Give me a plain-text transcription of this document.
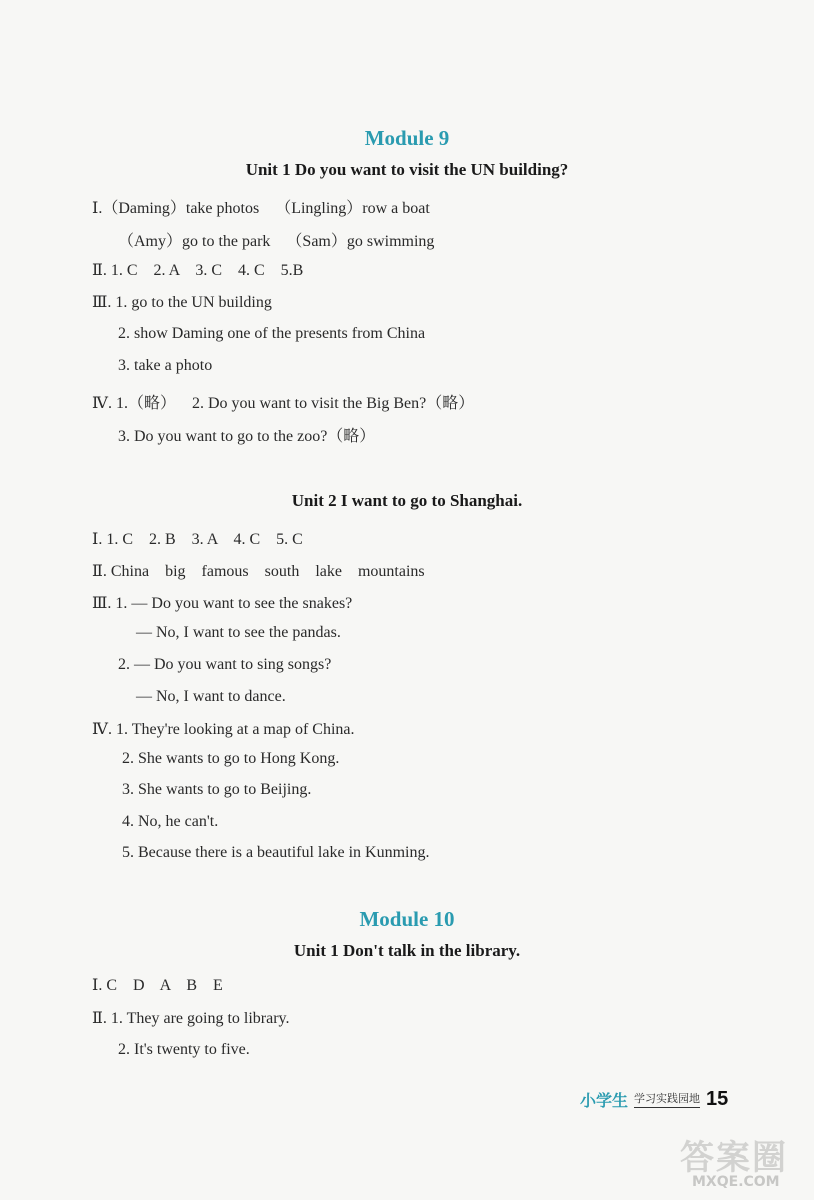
Module 9
Unit 1 Do you want to visit the UN building?
Ⅰ.（Daming）take photos    （Lingling）row a boat
（Amy）go to the park    （Sam）go swimming
Ⅱ. 1. C    2. A    3. C    4. C    5.B
Ⅲ. 1. go to the UN building
2. show Daming one of the presents from China
3. take a photo
Ⅳ. 1.（略）    2. Do you want to visit the Big Ben?（略）
3. Do you want to go to the zoo?（略）
Unit 2 I want to go to Shanghai.
Ⅰ. 1. C    2. B    3. A    4. C    5. C
Ⅱ. China    big    famous    south    lake    mountains
Ⅲ. 1. — Do you want to see the snakes?
— No, I want to see the pandas.
2. — Do you want to sing songs?
— No, I want to dance.
Ⅳ. 1. They're looking at a map of China.
2. She wants to go to Hong Kong.
3. She wants to go to Beijing.
4. No, he can't.
5. Because there is a beautiful lake in Kunming.
Module 10
Unit 1 Don't talk in the library.
Ⅰ. C    D    A    B    E
Ⅱ. 1. They are going to library.
2. It's twenty to five.
小学生 学习实践园地 15
答案圈
MXQE.COM
